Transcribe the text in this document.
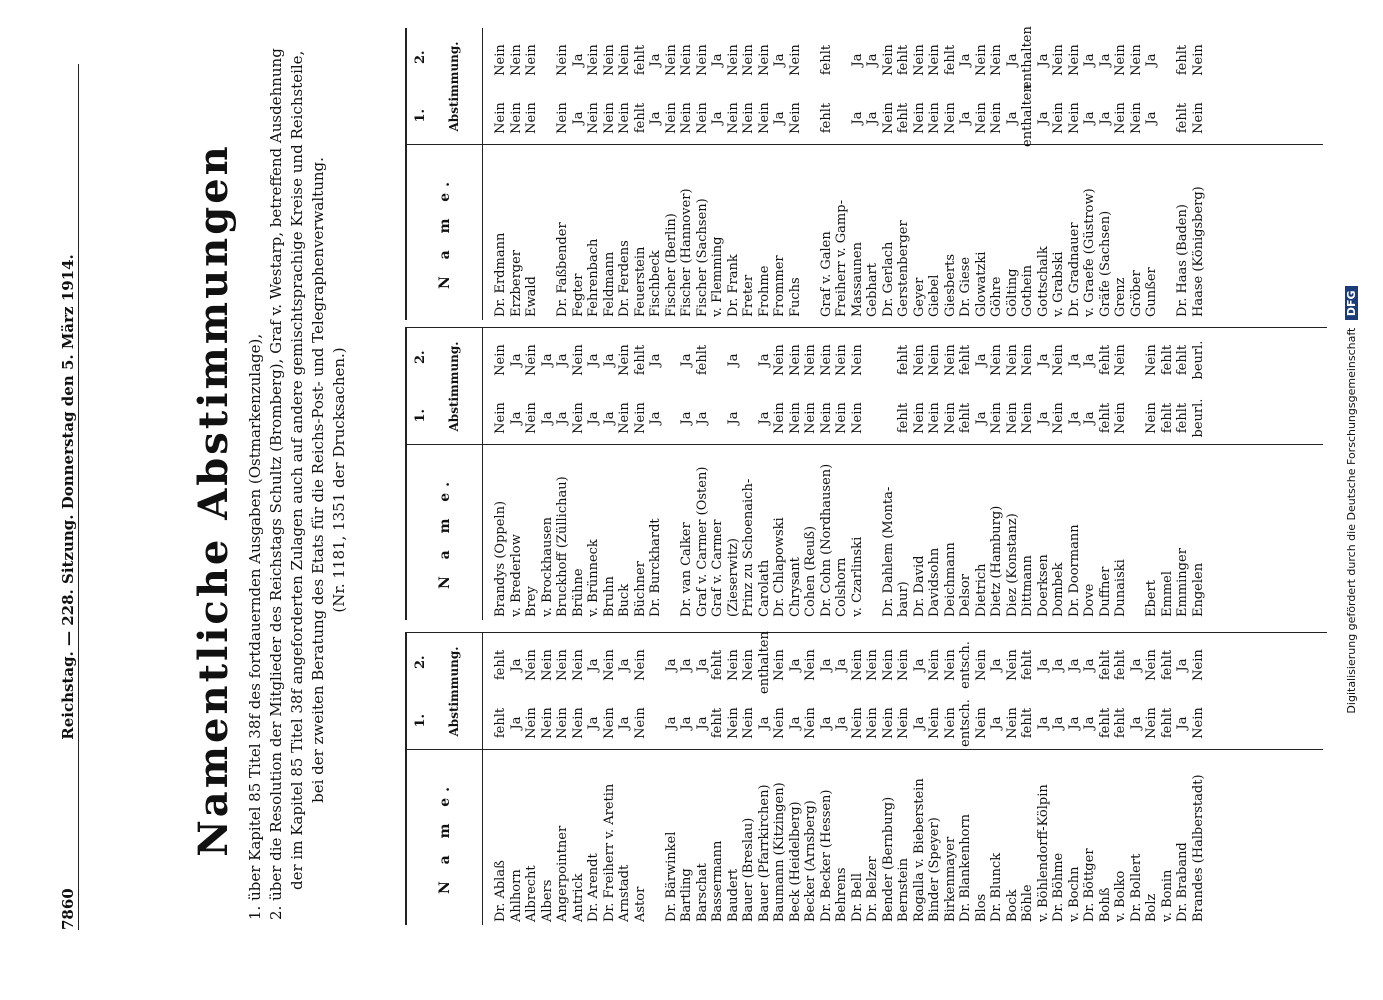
7860
Reichstag. — 228. Sitzung. Donnerstag den 5. März 1914.	Namentliche Abstimmungen 1. über Kapitel 85 Titel 38f des fortdauernden Ausgaben (Ostmarkenzulage), 2. über die Resolution der Mitglieder des Reichstags Schultz (Bromberg), Graf v. Westarp, betreffend Ausdehnung der im Kapitel 85 Titel 38f angeforderten Zulagen auch auf andere gemischtsprachige Kreise und Reichsteile, bei der zweiten Beratung des Etats für die Reichs-Post- und Telegraphenverwaltung. (Nr. 1181, 1351 der Drucksachen.)
N a m e.
1.
2. Abstimmung.
Dr. Ablaß
fehlt
fehlt
Ahlhorn
Ja
Ja
Albrecht
Nein
Nein
Albers
Nein
Nein
Angerpointner
Nein
Nein
Antrick
Nein
Nein
Dr. Arendt
Ja
Ja
Dr. Freiherr v. Aretin
Nein
Nein
Arnstadt
Ja
Ja
Astor
Nein
Nein
Dr. Bärwinkel
Ja
Ja
Bartling
Ja
Ja
Barschat
Ja
Ja
Bassermann
fehlt
fehlt
Baudert
Nein
Nein
Bauer (Breslau)
Nein
Nein
Bauer (Pfarrkirchen)
Ja
enthalten
Baumann (Kitzingen)
Nein
Nein
Beck (Heidelberg)
Ja
Ja
Becker (Arnsberg)
Nein
Nein
Dr. Becker (Hessen)
Ja
Ja
Behrens
Ja
Ja
Dr. Bell
Nein
Nein
Dr. Belzer
Nein
Nein
Bender (Bernburg)
Nein
Nein
Bernstein
Nein
Nein
Rogalla v. Bieberstein
Ja
Ja
Binder (Speyer)
Nein
Nein
Birkenmayer
Nein
Nein
Dr. Blankenhorn
entsch.
entsch.
Blos
Nein
Nein
Dr. Blunck
Ja
Ja
Bock
Nein
Nein
Böhle
fehlt
fehlt
v. Böhlendorff-Kölpin
Ja
Ja
Dr. Böhme
Ja
Ja
v. Bochn
Ja
Ja
Dr. Böttger
Ja
Ja
Bohß
fehlt
fehlt
v. Bolko
fehlt
fehlt
Dr. Bollert
Ja
Ja
Bolz
Nein
Nein
v. Bonin
fehlt
fehlt
Dr. Braband
Ja
Ja
Brandes (Halberstadt)
Nein
Nein
N a m e.
1.
2. Abstimmung.
Brandys (Oppeln)
Nein
Nein
v. Brederlow
Ja
Ja
Brey
Nein
Nein
v. Brockhausen
Ja
Ja
Bruckhoff (Züllichau)
Ja
Ja
Brühne
Nein
Nein
v. Brünneck
Ja
Ja
Bruhn
Ja
Ja
Buck
Nein
Nein
Büchner
Nein
fehlt
Dr. Burckhardt
Ja
Ja
Dr. van Calker
Ja
Ja
Graf v. Carmer (Osten)
Ja
fehlt
Graf v. Carmer (Zieserwitz)
Ja
Ja
Prinz zu Schoenaich- Carolath
Ja
Ja
Dr. Chlapowski
Nein
Nein
Chrysant
Nein
Nein
Cohen (Reuß)
Nein
Nein
Dr. Cohn (Nordhausen)
Nein
Nein
Colshorn
Nein
Nein
v. Czarlinski
Nein
Nein
Dr. Dahlem (Monta- baur)
fehlt
fehlt
Dr. David
Nein
Nein
Davidsohn
Nein
Nein
Deichmann
Nein
Nein
Delsor
fehlt
fehlt
Dietrich
Ja
Ja
Dietz (Hamburg)
Nein
Nein
Diez (Konstanz)
Nein
Nein
Dittmann
Nein
Nein
Doerksen
Ja
Ja
Dombek
Nein
Nein
Dr. Doormann
Ja
Ja
Dove
Ja
Ja
Duffner
fehlt
fehlt
Dunaiski
Nein
Nein
Ebert
Nein
Nein
Emmel
fehlt
fehlt
Emminger
fehlt
fehlt
Engelen
beurl.
beurl.
N a m e.
1.
2. Abstimmung.
Dr. Erdmann
Nein
Nein
Erzberger
Nein
Nein
Ewald
Nein
Nein
Dr. Faßbender
Nein
Nein
Fegter
Ja
Ja
Fehrenbach
Nein
Nein
Feldmann
Nein
Nein
Dr. Ferdens
Nein
Nein
Feuerstein
fehlt
fehlt
Fischbeck
Ja
Ja
Fischer (Berlin)
Nein
Nein
Fischer (Hannover)
Nein
Nein
Fischer (Sachsen)
Nein
Nein
v. Flemming
Ja
Ja
Dr. Frank
Nein
Nein
Freter
Nein
Nein
Frohme
Nein
Nein
Frommer
Ja
Ja
Fuchs
Nein
Nein
Graf v. Galen
fehlt
fehlt
Freiherr v. Gamp- Massaunen
Ja
Ja
Gebhart
Ja
Ja
Dr. Gerlach
Nein
Nein
Gerstenberger
fehlt
fehlt
Geyer
Nein
Nein
Giebel
Nein
Nein
Giesberts
Nein
fehlt
Dr. Giese
Ja
Ja
Glowatzki
Nein
Nein
Göhre
Nein
Nein
Gölting
Ja
Ja
Gothein
enthalten
enthalten
Gottschalk
Ja
Ja
v. Grabski
Nein
Nein
Dr. Gradnauer
Nein
Nein
v. Graefe (Güstrow)
Ja
Ja
Gräfe (Sachsen)
Ja
Ja
Grenz
Nein
Nein
Gröber
Nein
Nein
Gunßer
Ja
Ja
Dr. Haas (Baden)
fehlt
fehlt
Haase (Königsberg)
Nein
Nein
Digitalisierung gefördert durch die Deutsche Forschungsgemeinschaft DFG
